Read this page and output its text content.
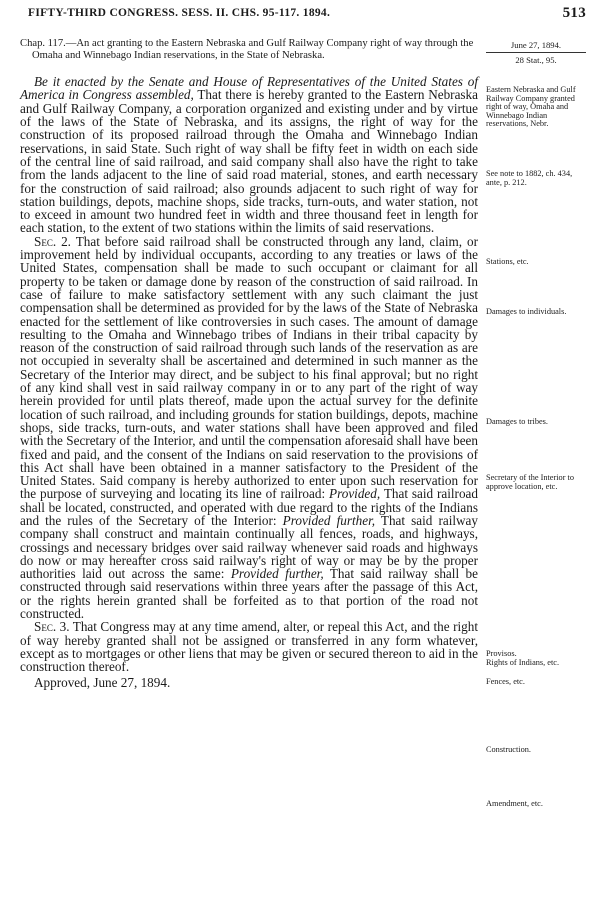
FIFTY-THIRD CONGRESS. SESS. II. CHS. 95-117. 1894.	513
June 27, 1894.
28 Stat., 95.

Chap. 117.—An act granting to the Eastern Nebraska and Gulf Railway Company right of way through the Omaha and Winnebago Indian reservations, in the State of Nebraska.

Be it enacted by the Senate and House of Representatives of the United States of America in Congress assembled, That there is hereby granted to the Eastern Nebraska and Gulf Railway Company, a corporation organized and existing under and by virtue of the laws of the State of Nebraska, and its assigns, the right of way for the construction of its proposed railroad through the Omaha and Winnebago Indian reservations, in said State. Such right of way shall be fifty feet in width on each side of the central line of said railroad, and said company shall also have the right to take from the lands adjacent to the line of said road material, stones, and earth necessary for the construction of said railroad; also grounds adjacent to such right of way for station buildings, depots, machine shops, side tracks, turn-outs, and water station, not to exceed in amount two hundred feet in width and three thousand feet in length for each station, to the extent of two stations within the limits of said reservations.

Sec. 2. That before said railroad shall be constructed through any land, claim, or improvement held by individual occupants, according to any treaties or laws of the United States, compensation shall be made to such occupant or claimant for all property to be taken or damage done by reason of the construction of said railroad. In case of failure to make satisfactory settlement with any such claimant the just compensation shall be determined as provided for by the laws of the State of Nebraska enacted for the settlement of like controversies in such cases. The amount of damage resulting to the Omaha and Winnebago tribes of Indians in their tribal capacity by reason of the construction of said railroad through such lands of the reservation as are not occupied in severalty shall be ascertained and determined in such manner as the Secretary of the Interior may direct, and be subject to his final approval; but no right of any kind shall vest in said railway company in or to any part of the right of way herein provided for until plats thereof, made upon the actual survey for the definite location of such railroad, and including grounds for station buildings, depots, machine shops, side tracks, turn-outs, and water stations shall have been approved and filed with the Secretary of the Interior, and until the compensation aforesaid shall have been fixed and paid, and the consent of the Indians on said reservation to the provisions of this Act shall have been obtained in a manner satisfactory to the President of the United States. Said company is hereby authorized to enter upon such reservation for the purpose of surveying and locating its line of railroad: Provided, That said railroad shall be located, constructed, and operated with due regard to the rights of the Indians and the rules of the Secretary of the Interior: Provided further, That said railway company shall construct and maintain continually all fences, roads, and highways, crossings and necessary bridges over said railway whenever said roads and highways do now or may hereafter cross said railway's right of way or may be by the proper authorities laid out across the same: Provided further, That said railway shall be constructed through said reservations within three years after the passage of this Act, or the rights herein granted shall be forfeited as to that portion of the road not constructed.

Sec. 3. That Congress may at any time amend, alter, or repeal this Act, and the right of way hereby granted shall not be assigned or transferred in any form whatever, except as to mortgages or other liens that may be given or secured thereon to aid in the construction thereof.

Approved, June 27, 1894.

Eastern Nebraska and Gulf Railway Company granted right of way, Omaha and Winnebago Indian reservations, Nebr.
See note to 1882, ch. 434, ante, p. 212.
Stations, etc.
Damages to individuals.
Damages to tribes.
Secretary of the Interior to approve location, etc.
Provisos.
Rights of Indians, etc.
Fences, etc.
Construction.
Amendment, etc.
